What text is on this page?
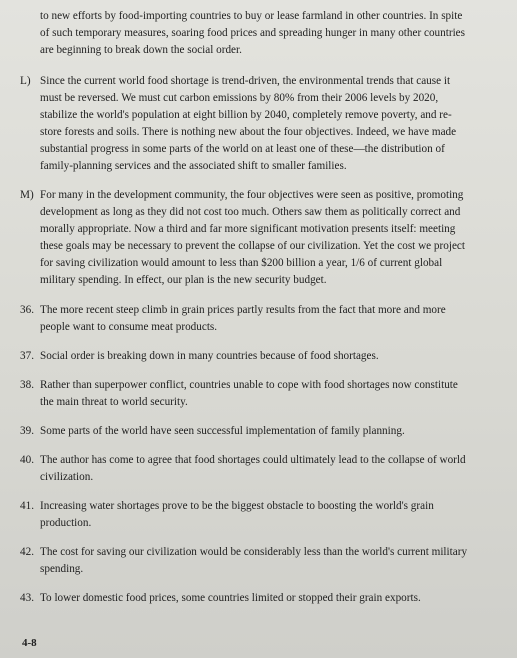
to new efforts by food-importing countries to buy or lease farmland in other countries. In spite
of such temporary measures, soaring food prices and spreading hunger in many other countries
are beginning to break down the social order.
L) Since the current world food shortage is trend-driven, the environmental trends that cause it
must be reversed. We must cut carbon emissions by 80% from their 2006 levels by 2020,
stabilize the world's population at eight billion by 2040, completely remove poverty, and re-
store forests and soils. There is nothing new about the four objectives. Indeed, we have made
substantial progress in some parts of the world on at least one of these—the distribution of
family-planning services and the associated shift to smaller families.
M) For many in the development community, the four objectives were seen as positive, promoting
development as long as they did not cost too much. Others saw them as politically correct and
morally appropriate. Now a third and far more significant motivation presents itself: meeting
these goals may be necessary to prevent the collapse of our civilization. Yet the cost we project
for saving civilization would amount to less than $200 billion a year, 1/6 of current global
military spending. In effect, our plan is the new security budget.
36. The more recent steep climb in grain prices partly results from the fact that more and more
people want to consume meat products.
37. Social order is breaking down in many countries because of food shortages.
38. Rather than superpower conflict, countries unable to cope with food shortages now constitute
the main threat to world security.
39. Some parts of the world have seen successful implementation of family planning.
40. The author has come to agree that food shortages could ultimately lead to the collapse of world
civilization.
41. Increasing water shortages prove to be the biggest obstacle to boosting the world's grain
production.
42. The cost for saving our civilization would be considerably less than the world's current military
spending.
43. To lower domestic food prices, some countries limited or stopped their grain exports.
4-8
